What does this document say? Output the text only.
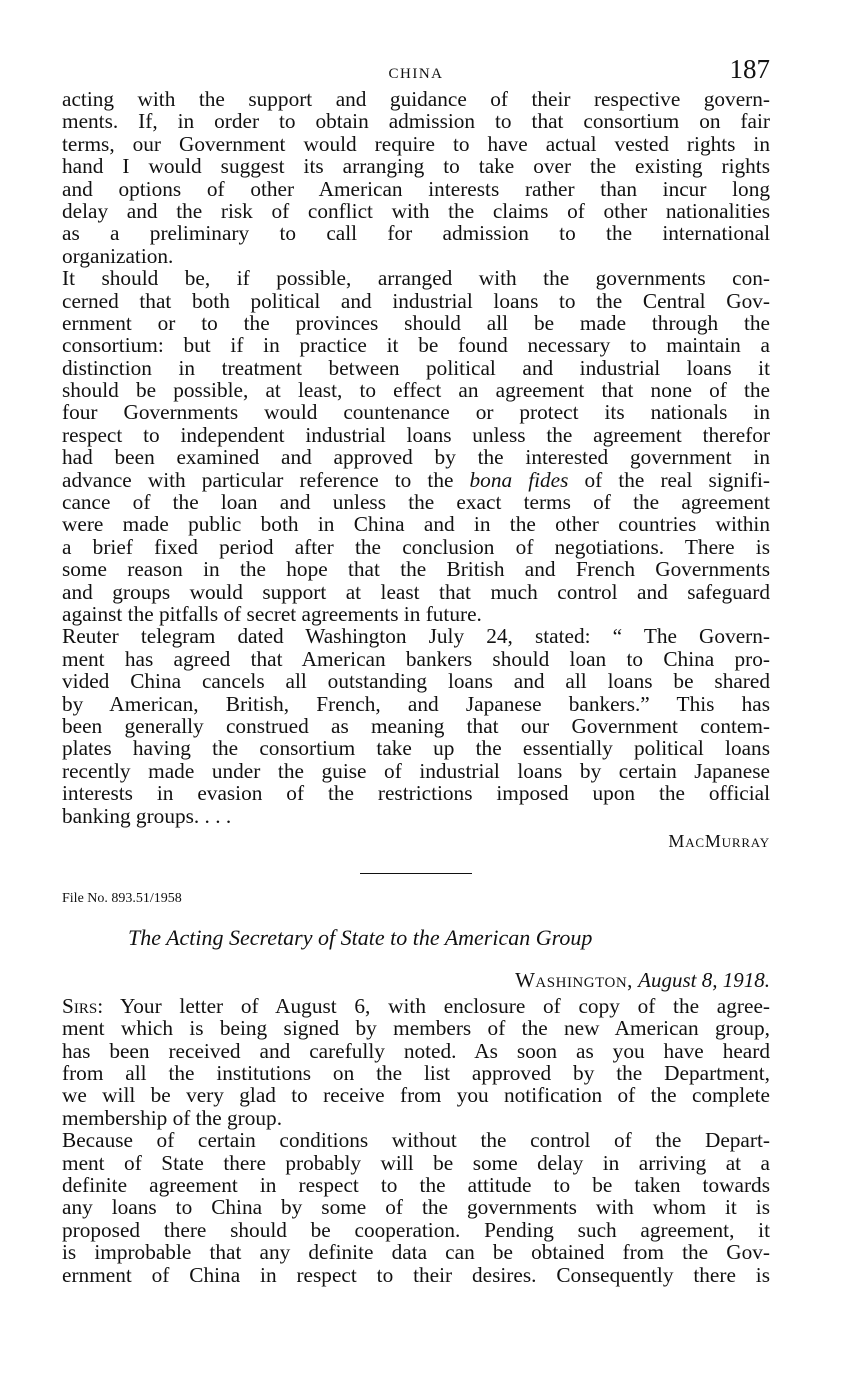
CHINA	187
acting with the support and guidance of their respective govern-
ments. If, in order to obtain admission to that consortium on fair
terms, our Government would require to have actual vested rights in
hand I would suggest its arranging to take over the existing rights
and options of other American interests rather than incur long
delay and the risk of conflict with the claims of other nationalities
as a preliminary to call for admission to the international
organization.
It should be, if possible, arranged with the governments con-
cerned that both political and industrial loans to the Central Gov-
ernment or to the provinces should all be made through the
consortium: but if in practice it be found necessary to maintain a
distinction in treatment between political and industrial loans it
should be possible, at least, to effect an agreement that none of the
four Governments would countenance or protect its nationals in
respect to independent industrial loans unless the agreement therefor
had been examined and approved by the interested government in
advance with particular reference to the bona fides of the real signifi-
cance of the loan and unless the exact terms of the agreement
were made public both in China and in the other countries within
a brief fixed period after the conclusion of negotiations. There is
some reason in the hope that the British and French Governments
and groups would support at least that much control and safeguard
against the pitfalls of secret agreements in future.
Reuter telegram dated Washington July 24, stated: “ The Govern-
ment has agreed that American bankers should loan to China pro-
vided China cancels all outstanding loans and all loans be shared
by American, British, French, and Japanese bankers.” This has
been generally construed as meaning that our Government contem-
plates having the consortium take up the essentially political loans
recently made under the guise of industrial loans by certain Japanese
interests in evasion of the restrictions imposed upon the official
banking groups. . . .
MacMurray
File No. 893.51/1958
The Acting Secretary of State to the American Group
Washington, August 8, 1918.
Sirs: Your letter of August 6, with enclosure of copy of the agree-
ment which is being signed by members of the new American group,
has been received and carefully noted. As soon as you have heard
from all the institutions on the list approved by the Department,
we will be very glad to receive from you notification of the complete
membership of the group.
Because of certain conditions without the control of the Depart-
ment of State there probably will be some delay in arriving at a
definite agreement in respect to the attitude to be taken towards
any loans to China by some of the governments with whom it is
proposed there should be cooperation. Pending such agreement, it
is improbable that any definite data can be obtained from the Gov-
ernment of China in respect to their desires. Consequently there is
